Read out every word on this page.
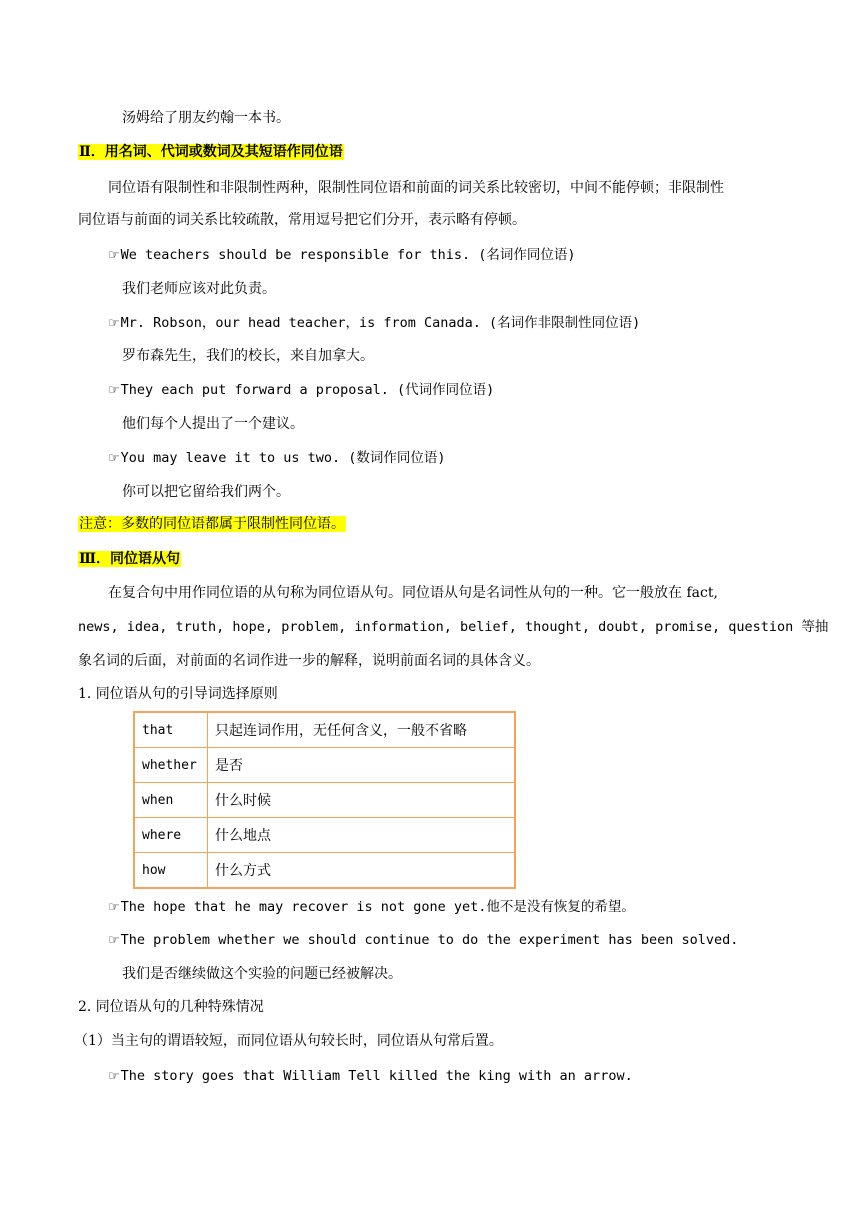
汤姆给了朋友约翰一本书。
Ⅱ．用名词、代词或数词及其短语作同位语
同位语有限制性和非限制性两种，限制性同位语和前面的词关系比较密切，中间不能停顿；非限制性
同位语与前面的词关系比较疏散，常用逗号把它们分开，表示略有停顿。
☞We teachers should be responsible for this. (名词作同位语)
我们老师应该对此负责。
☞Mr. Robson，our head teacher，is from Canada. (名词作非限制性同位语)
罗布森先生，我们的校长，来自加拿大。
☞They each put forward a proposal. (代词作同位语)
他们每个人提出了一个建议。
☞You may leave it to us two. (数词作同位语)
你可以把它留给我们两个。
注意：多数的同位语都属于限制性同位语。
Ⅲ．同位语从句
在复合句中用作同位语的从句称为同位语从句。同位语从句是名词性从句的一种。它一般放在 fact,
news, idea, truth, hope, problem, information, belief, thought, doubt, promise, question 等抽
象名词的后面，对前面的名词作进一步的解释，说明前面名词的具体含义。
1. 同位语从句的引导词选择原则
that	只起连词作用，无任何含义，一般不省略
whether	是否
when	什么时候
where	什么地点
how	什么方式
☞The hope that he may recover is not gone yet.他不是没有恢复的希望。
☞The problem whether we should continue to do the experiment has been solved.
我们是否继续做这个实验的问题已经被解决。
2. 同位语从句的几种特殊情况
（1）当主句的谓语较短，而同位语从句较长时，同位语从句常后置。
☞The story goes that William Tell killed the king with an arrow.
